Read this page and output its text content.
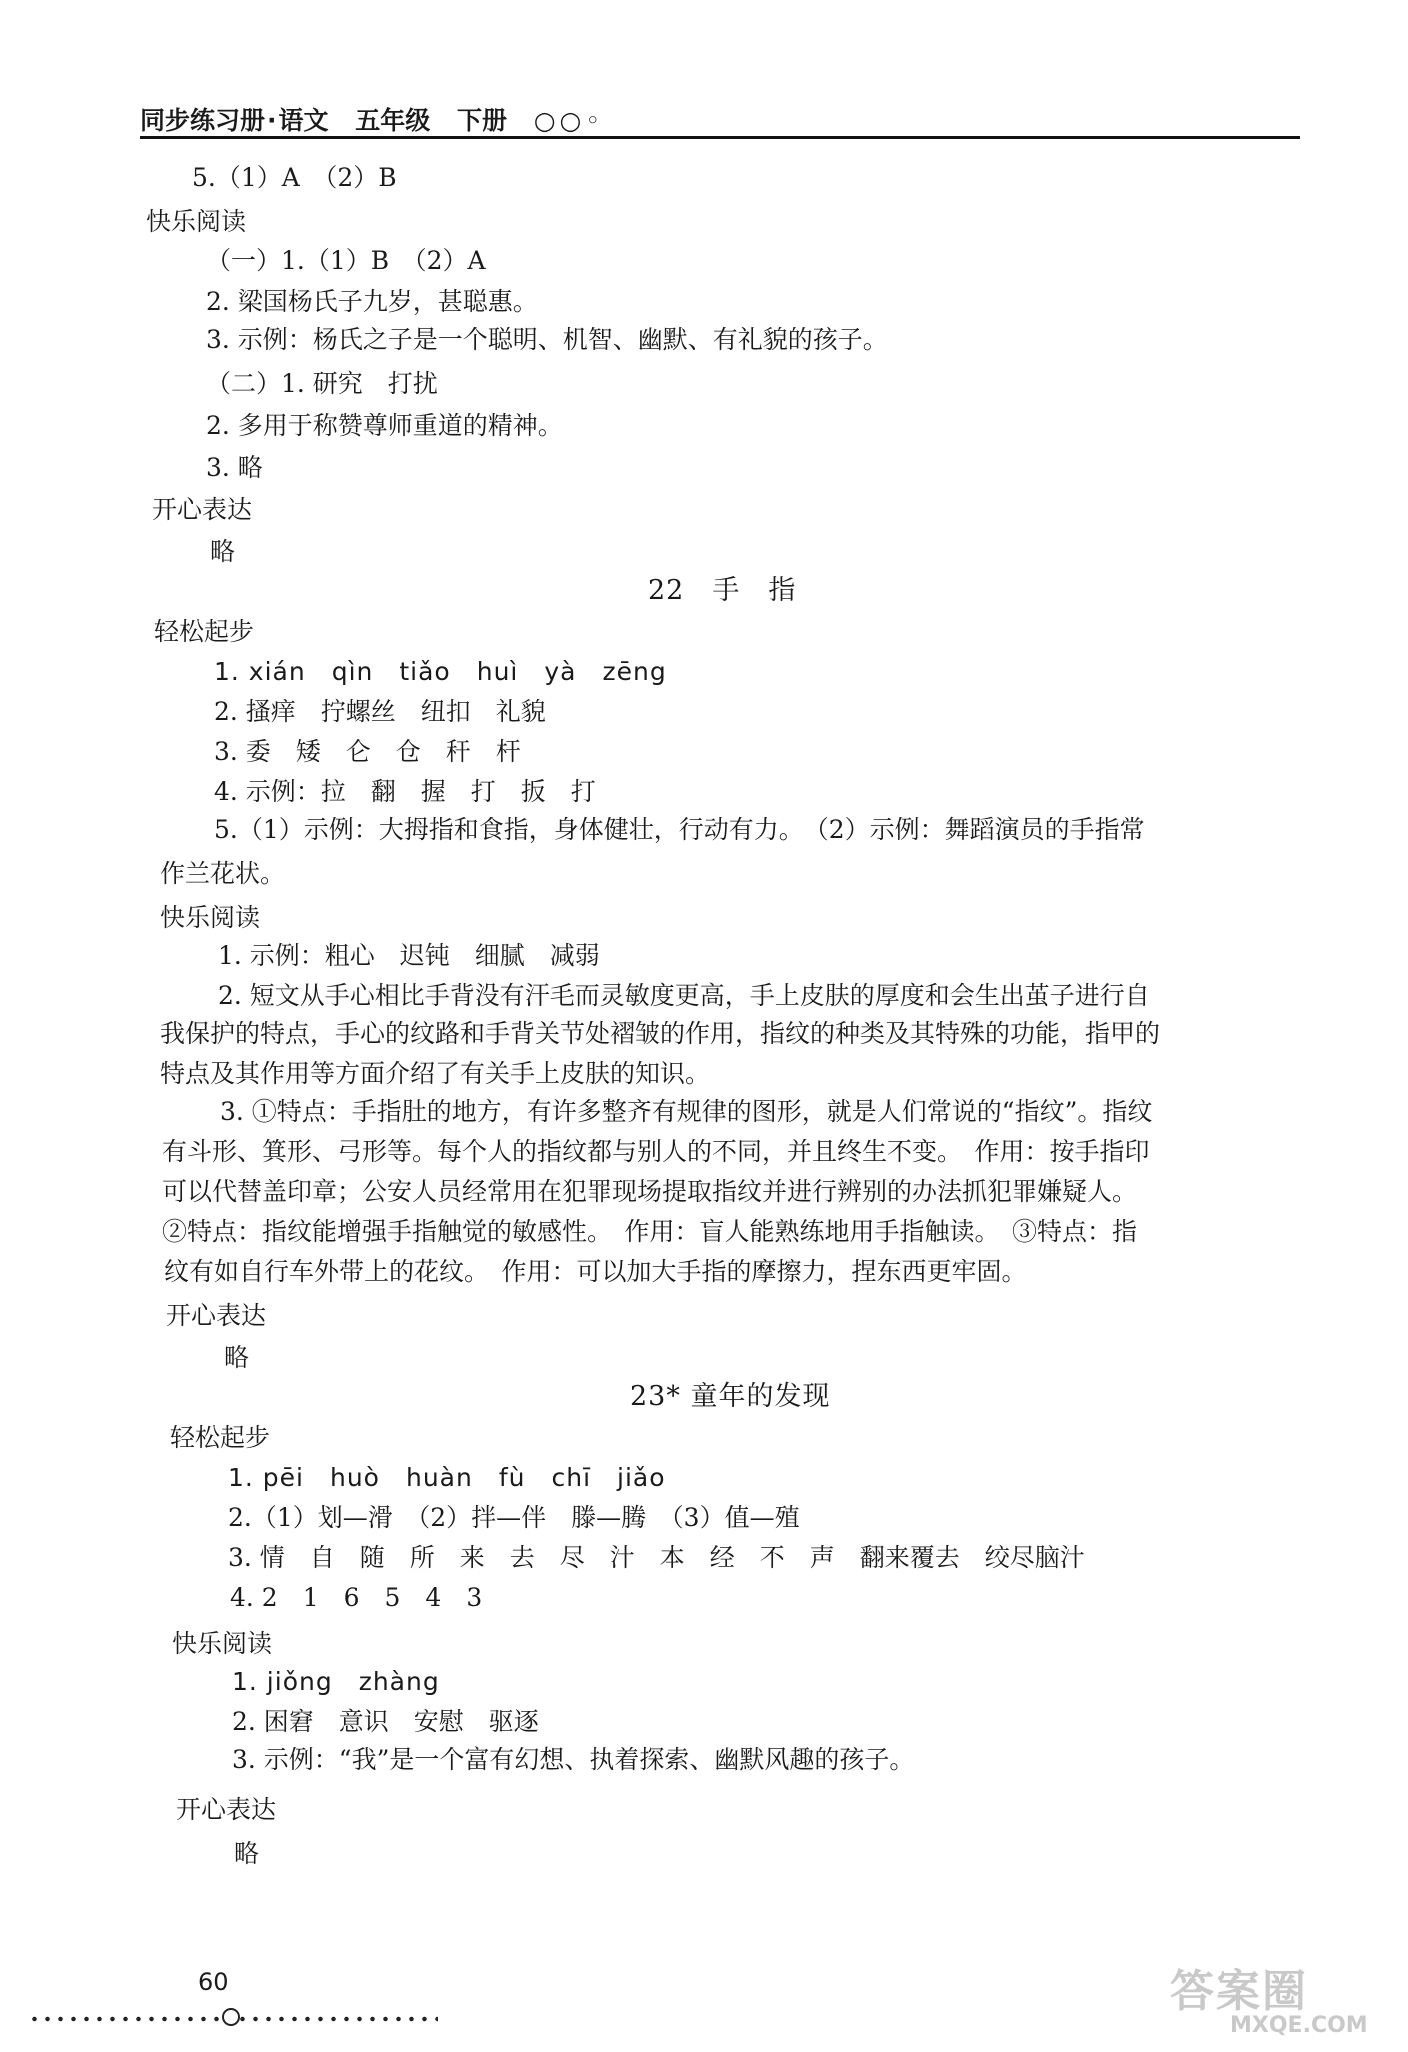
同步练习册·语文 五年级 下册 ○○◦
5.（1）A　（2）B
快乐阅读
（一）1.（1）B　（2）A
2. 梁国杨氏子九岁，甚聪惠。
3. 示例：杨氏之子是一个聪明、机智、幽默、有礼貌的孩子。
（二）1. 研究　打扰
2. 多用于称赞尊师重道的精神。
3. 略
开心表达
略
22　手　指
轻松起步
1. xián　qìn　tiǎo　huì　yà　zēng
2. 搔痒　拧螺丝　纽扣　礼貌
3. 委　矮　仑　仓　秆　杆
4. 示例：拉　翻　握　打　扳　打
5.（1）示例：大拇指和食指，身体健壮，行动有力。　（2）示例：舞蹈演员的手指常
作兰花状。
快乐阅读
1. 示例：粗心　迟钝　细腻　减弱
2. 短文从手心相比手背没有汗毛而灵敏度更高，手上皮肤的厚度和会生出茧子进行自
我保护的特点，手心的纹路和手背关节处褶皱的作用，指纹的种类及其特殊的功能，指甲的
特点及其作用等方面介绍了有关手上皮肤的知识。
3. ①特点：手指肚的地方，有许多整齐有规律的图形，就是人们常说的“指纹”。指纹
有斗形、箕形、弓形等。每个人的指纹都与别人的不同，并且终生不变。　作用：按手指印
可以代替盖印章；公安人员经常用在犯罪现场提取指纹并进行辨别的办法抓犯罪嫌疑人。
②特点：指纹能增强手指触觉的敏感性。　作用：盲人能熟练地用手指触读。　③特点：指
纹有如自行车外带上的花纹。　作用：可以加大手指的摩擦力，捏东西更牢固。
开心表达
略
23* 童年的发现
轻松起步
1. pēi　huò　huàn　fù　chī　jiǎo
2.（1）划—滑　（2）拌—伴　滕—腾　（3）值—殖
3. 情　自　随　所　来　去　尽　汁　本　经　不　声　翻来覆去　绞尽脑汁
4. 2　1　6　5　4　3
快乐阅读
1. jiǒng　zhàng
2. 困窘　意识　安慰　驱逐
3. 示例：“我”是一个富有幻想、执着探索、幽默风趣的孩子。
开心表达
略
60	答案圈
MXQE.COM
